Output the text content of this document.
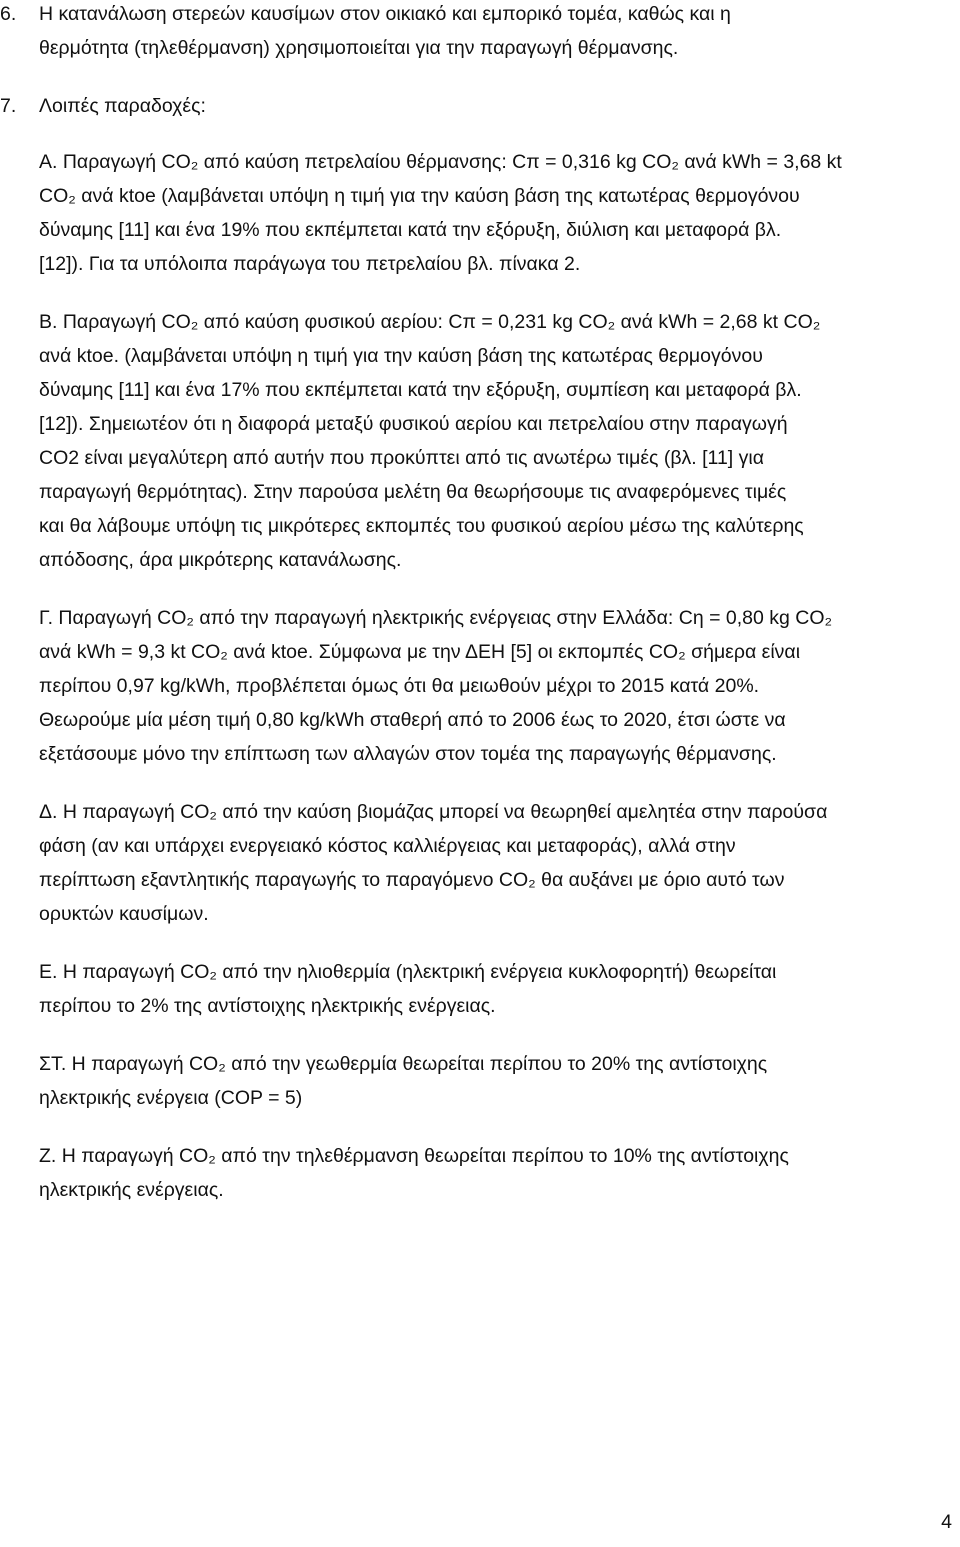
6. Η κατανάλωση στερεών καυσίμων στον οικιακό και εμπορικό τομέα, καθώς και η
θερμότητα (τηλεθέρμανση) χρησιμοποιείται για την παραγωγή θέρμανσης.
7. Λοιπές παραδοχές:
Α. Παραγωγή CO₂ από καύση πετρελαίου θέρμανσης: Cπ = 0,316 kg CO₂ ανά kWh = 3,68 kt
CO₂ ανά ktoe (λαμβάνεται υπόψη η τιμή για την καύση βάση της κατωτέρας θερμογόνου
δύναμης [11] και ένα 19% που εκπέμπεται κατά την εξόρυξη, διύλιση και μεταφορά βλ.
[12]). Για τα υπόλοιπα παράγωγα του πετρελαίου βλ. πίνακα 2.
Β. Παραγωγή CO₂ από καύση φυσικού αερίου: Cπ = 0,231 kg CO₂ ανά kWh = 2,68 kt CO₂
ανά ktoe. (λαμβάνεται υπόψη η τιμή για την καύση βάση της κατωτέρας θερμογόνου
δύναμης [11] και ένα 17% που εκπέμπεται κατά την εξόρυξη, συμπίεση και μεταφορά βλ.
[12]). Σημειωτέον ότι η διαφορά μεταξύ φυσικού αερίου και πετρελαίου στην παραγωγή
CO2 είναι μεγαλύτερη από αυτήν που προκύπτει από τις ανωτέρω τιμές (βλ. [11] για
παραγωγή θερμότητας). Στην παρούσα μελέτη θα θεωρήσουμε τις αναφερόμενες τιμές
και θα λάβουμε υπόψη τις μικρότερες εκπομπές του φυσικού αερίου μέσω της καλύτερης
απόδοσης, άρα μικρότερης κατανάλωσης.
Γ. Παραγωγή CO₂ από την παραγωγή ηλεκτρικής ενέργειας στην Ελλάδα: Cη = 0,80 kg CO₂
ανά kWh = 9,3 kt CO₂ ανά ktoe. Σύμφωνα με την ΔΕΗ [5] οι εκπομπές CO₂ σήμερα είναι
περίπου 0,97 kg/kWh, προβλέπεται όμως ότι θα μειωθούν μέχρι το 2015 κατά 20%.
Θεωρούμε μία μέση τιμή 0,80 kg/kWh σταθερή από το 2006 έως το 2020, έτσι ώστε να
εξετάσουμε μόνο την επίπτωση των αλλαγών στον τομέα της παραγωγής θέρμανσης.
Δ. Η παραγωγή CO₂ από την καύση βιομάζας μπορεί να θεωρηθεί αμελητέα στην παρούσα
φάση (αν και υπάρχει ενεργειακό κόστος καλλιέργειας και μεταφοράς), αλλά στην
περίπτωση εξαντλητικής παραγωγής το παραγόμενο CO₂ θα αυξάνει με όριο αυτό των
ορυκτών καυσίμων.
Ε. Η παραγωγή CO₂ από την ηλιοθερμία (ηλεκτρική ενέργεια κυκλοφορητή) θεωρείται
περίπου το 2% της αντίστοιχης ηλεκτρικής ενέργειας.
ΣΤ. Η παραγωγή CO₂ από την γεωθερμία θεωρείται περίπου το 20% της αντίστοιχης
ηλεκτρικής ενέργεια (COP = 5)
Ζ. Η παραγωγή CO₂ από την τηλεθέρμανση θεωρείται περίπου το 10% της αντίστοιχης
ηλεκτρικής ενέργειας.
4
